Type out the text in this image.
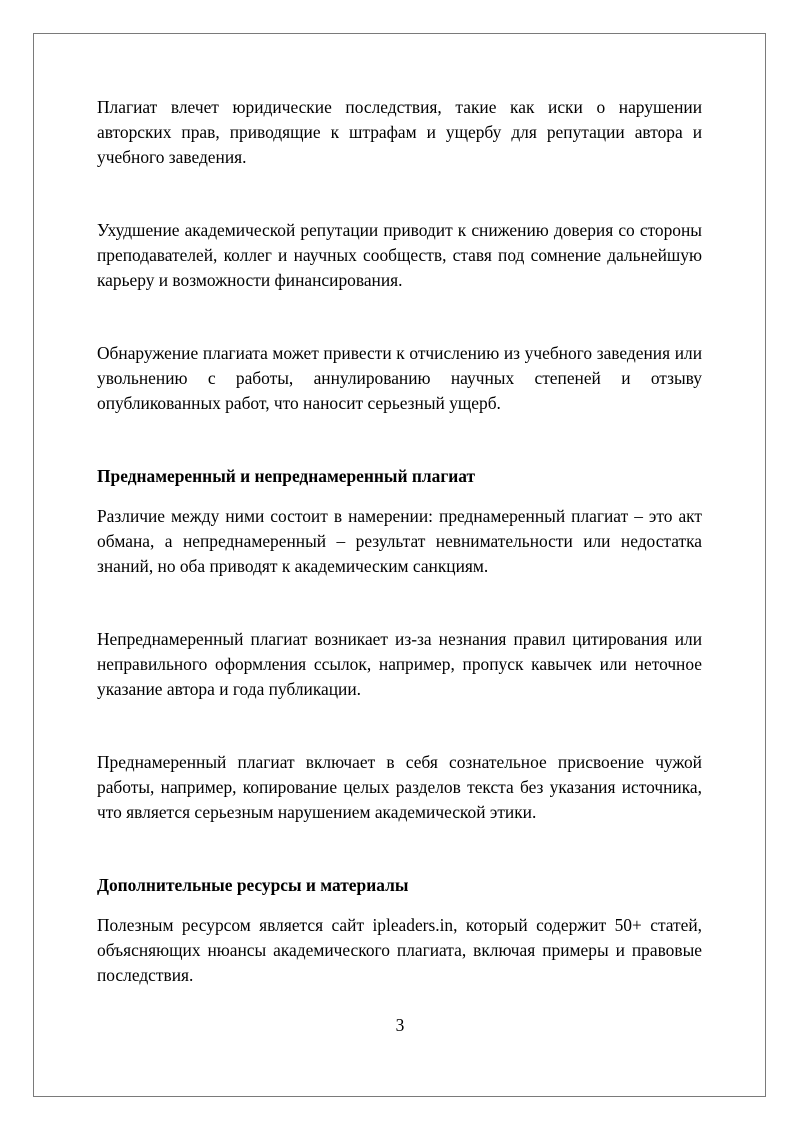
Плагиат влечет юридические последствия, такие как иски о нарушении авторских прав, приводящие к штрафам и ущербу для репутации автора и учебного заведения.

Ухудшение академической репутации приводит к снижению доверия со стороны преподавателей, коллег и научных сообществ, ставя под сомнение дальнейшую карьеру и возможности финансирования.

Обнаружение плагиата может привести к отчислению из учебного заведения или увольнению с работы, аннулированию научных степеней и отзыву опубликованных работ, что наносит серьезный ущерб.

Преднамеренный и непреднамеренный плагиат

Различие между ними состоит в намерении: преднамеренный плагиат – это акт обмана, а непреднамеренный – результат невнимательности или недостатка знаний, но оба приводят к академическим санкциям.

Непреднамеренный плагиат возникает из-за незнания правил цитирования или неправильного оформления ссылок, например, пропуск кавычек или неточное указание автора и года публикации.

Преднамеренный плагиат включает в себя сознательное присвоение чужой работы, например, копирование целых разделов текста без указания источника, что является серьезным нарушением академической этики.

Дополнительные ресурсы и материалы

Полезным ресурсом является сайт ipleaders.in, который содержит 50+ статей, объясняющих нюансы академического плагиата, включая примеры и правовые последствия.

3
